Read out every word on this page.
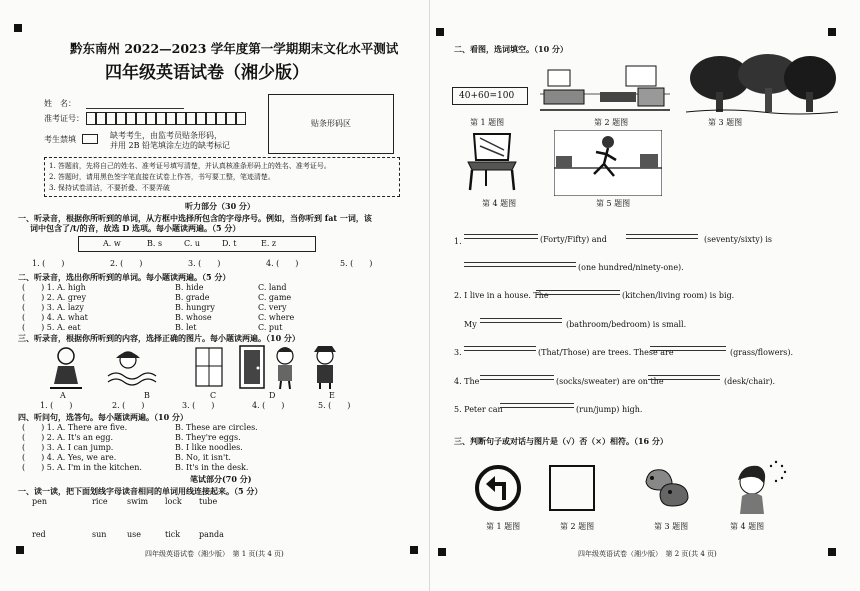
黔东南州 2022—2023 学年度第一学期期末文化水平测试
四年级英语试卷（湘少版）
姓　名：
准考证号：
贴条形码区
考生禁填	缺考考生，由监考员贴条形码，
并用 2B 铅笔填涂左边的缺考标记
1. 答题前，先将自己的姓名、准考证号填写清楚，并认真核准条形码上的姓名、准考证号。
2. 答题时，请用黑色签字笔直接在试卷上作答，书写要工整，笔迹清楚。
3. 保持试卷清洁，不要折叠、不要弄破
听力部分（30 分）
一、听录音，根据你所听到的单词，从方框中选择所包含的字母序号。例如，当你听到 fat 一词，该
词中包含了/t/的音，故选 D 选项。每小题读两遍。（5 分）
A. w	B. s	C. u	D. t	E. z
1. (　　)	2. (　　)	3. (　　)	4. (　　)	5. (　　)
二、听录音，选出你所听到的单词。每小题读两遍。（5 分）
(　　) 1. A. high	B. hide	C. land
(　　) 2. A. grey	B. grade	C. game
(　　) 3. A. lazy	B. hungry	C. very
(　　) 4. A. what	B. whose	C. where
(　　) 5. A. eat	B. let	C. put
三、听录音，根据你所听到的内容，选择正确的图片。每小题读两遍。（10 分）
A	B	C	D	E
1. (　　)	2. (　　)	3. (　　)	4. (　　)	5. (　　)
四、听问句，选答句。每小题读两遍。（10 分）
(　　) 1. A. There are five.	B. These are circles.
(　　) 2. A. It's an egg.	B. They're eggs.
(　　) 3. A. I can jump.	B. I like noodles.
(　　) 4. A. Yes, we are.	B. No, it isn't.
(　　) 5. A. I'm in the kitchen.	B. It's in the desk.
笔试部分(70 分)
一、读一读，把下面划线字母读音相同的单词用线连接起来。（5 分）
pen	rice swim lock tube
red	sun	use	tick panda
四年级英语试卷（湘少版）　第 1 页(共 4 页)
二、看图，选词填空。（10 分）
40+60=100
第 1 题图	第 2 题图	第 3 题图
第 4 题图	第 5 题图
1.	(Forty/Fifty) and	(seventy/sixty) is
(one hundred/ninety-one).
2. I live in a house. The	(kitchen/living room) is big.
My	(bathroom/bedroom) is small.
3.	(That/Those) are trees. These are	(grass/flowers).
4. The	(socks/sweater) are on the	(desk/chair).
5. Peter can	(run/jump) high.
三、判断句子或对话与图片是（√）否（×）相符。（16 分）
第 1 题图	第 2 题图	第 3 题图	第 4 题图
四年级英语试卷（湘少版）　第 2 页(共 4 页)
